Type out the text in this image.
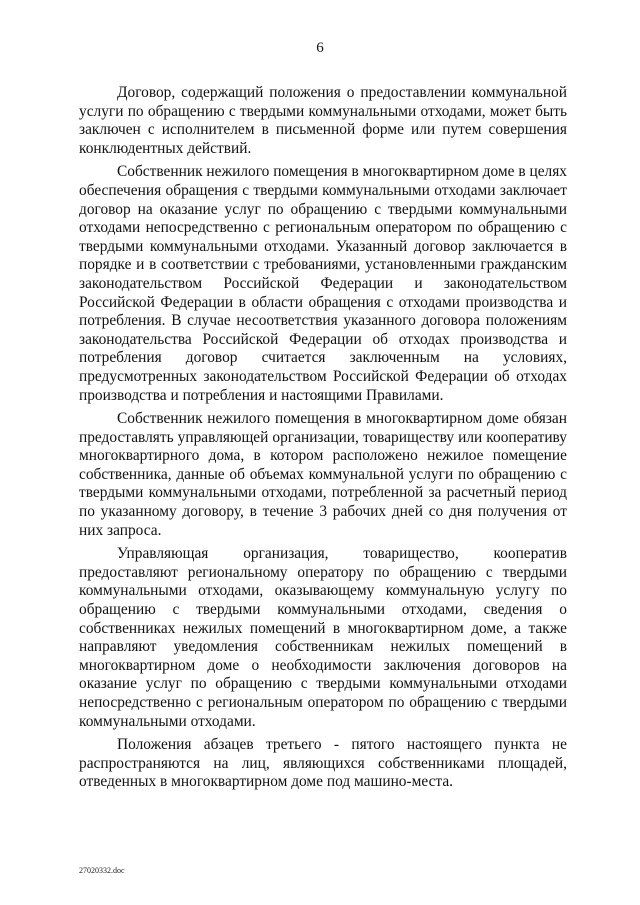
6

Договор, содержащий положения о предоставлении коммунальной услуги по обращению с твердыми коммунальными отходами, может быть заключен с исполнителем в письменной форме или путем совершения конклюдентных действий.

Собственник нежилого помещения в многоквартирном доме в целях обеспечения обращения с твердыми коммунальными отходами заключает договор на оказание услуг по обращению с твердыми коммунальными отходами непосредственно с региональным оператором по обращению с твердыми коммунальными отходами. Указанный договор заключается в порядке и в соответствии с требованиями, установленными гражданским законодательством Российской Федерации и законодательством Российской Федерации в области обращения с отходами производства и потребления. В случае несоответствия указанного договора положениям законодательства Российской Федерации об отходах производства и потребления договор считается заключенным на условиях, предусмотренных законодательством Российской Федерации об отходах производства и потребления и настоящими Правилами.

Собственник нежилого помещения в многоквартирном доме обязан предоставлять управляющей организации, товариществу или кооперативу многоквартирного дома, в котором расположено нежилое помещение собственника, данные об объемах коммунальной услуги по обращению с твердыми коммунальными отходами, потребленной за расчетный период по указанному договору, в течение 3 рабочих дней со дня получения от них запроса.

Управляющая организация, товарищество, кооператив предоставляют региональному оператору по обращению с твердыми коммунальными отходами, оказывающему коммунальную услугу по обращению с твердыми коммунальными отходами, сведения о собственниках нежилых помещений в многоквартирном доме, а также направляют уведомления собственникам нежилых помещений в многоквартирном доме о необходимости заключения договоров на оказание услуг по обращению с твердыми коммунальными отходами непосредственно с региональным оператором по обращению с твердыми коммунальными отходами.

Положения абзацев третьего - пятого настоящего пункта не распространяются на лиц, являющихся собственниками площадей, отведенных в многоквартирном доме под машино-места.

27020332.doc
